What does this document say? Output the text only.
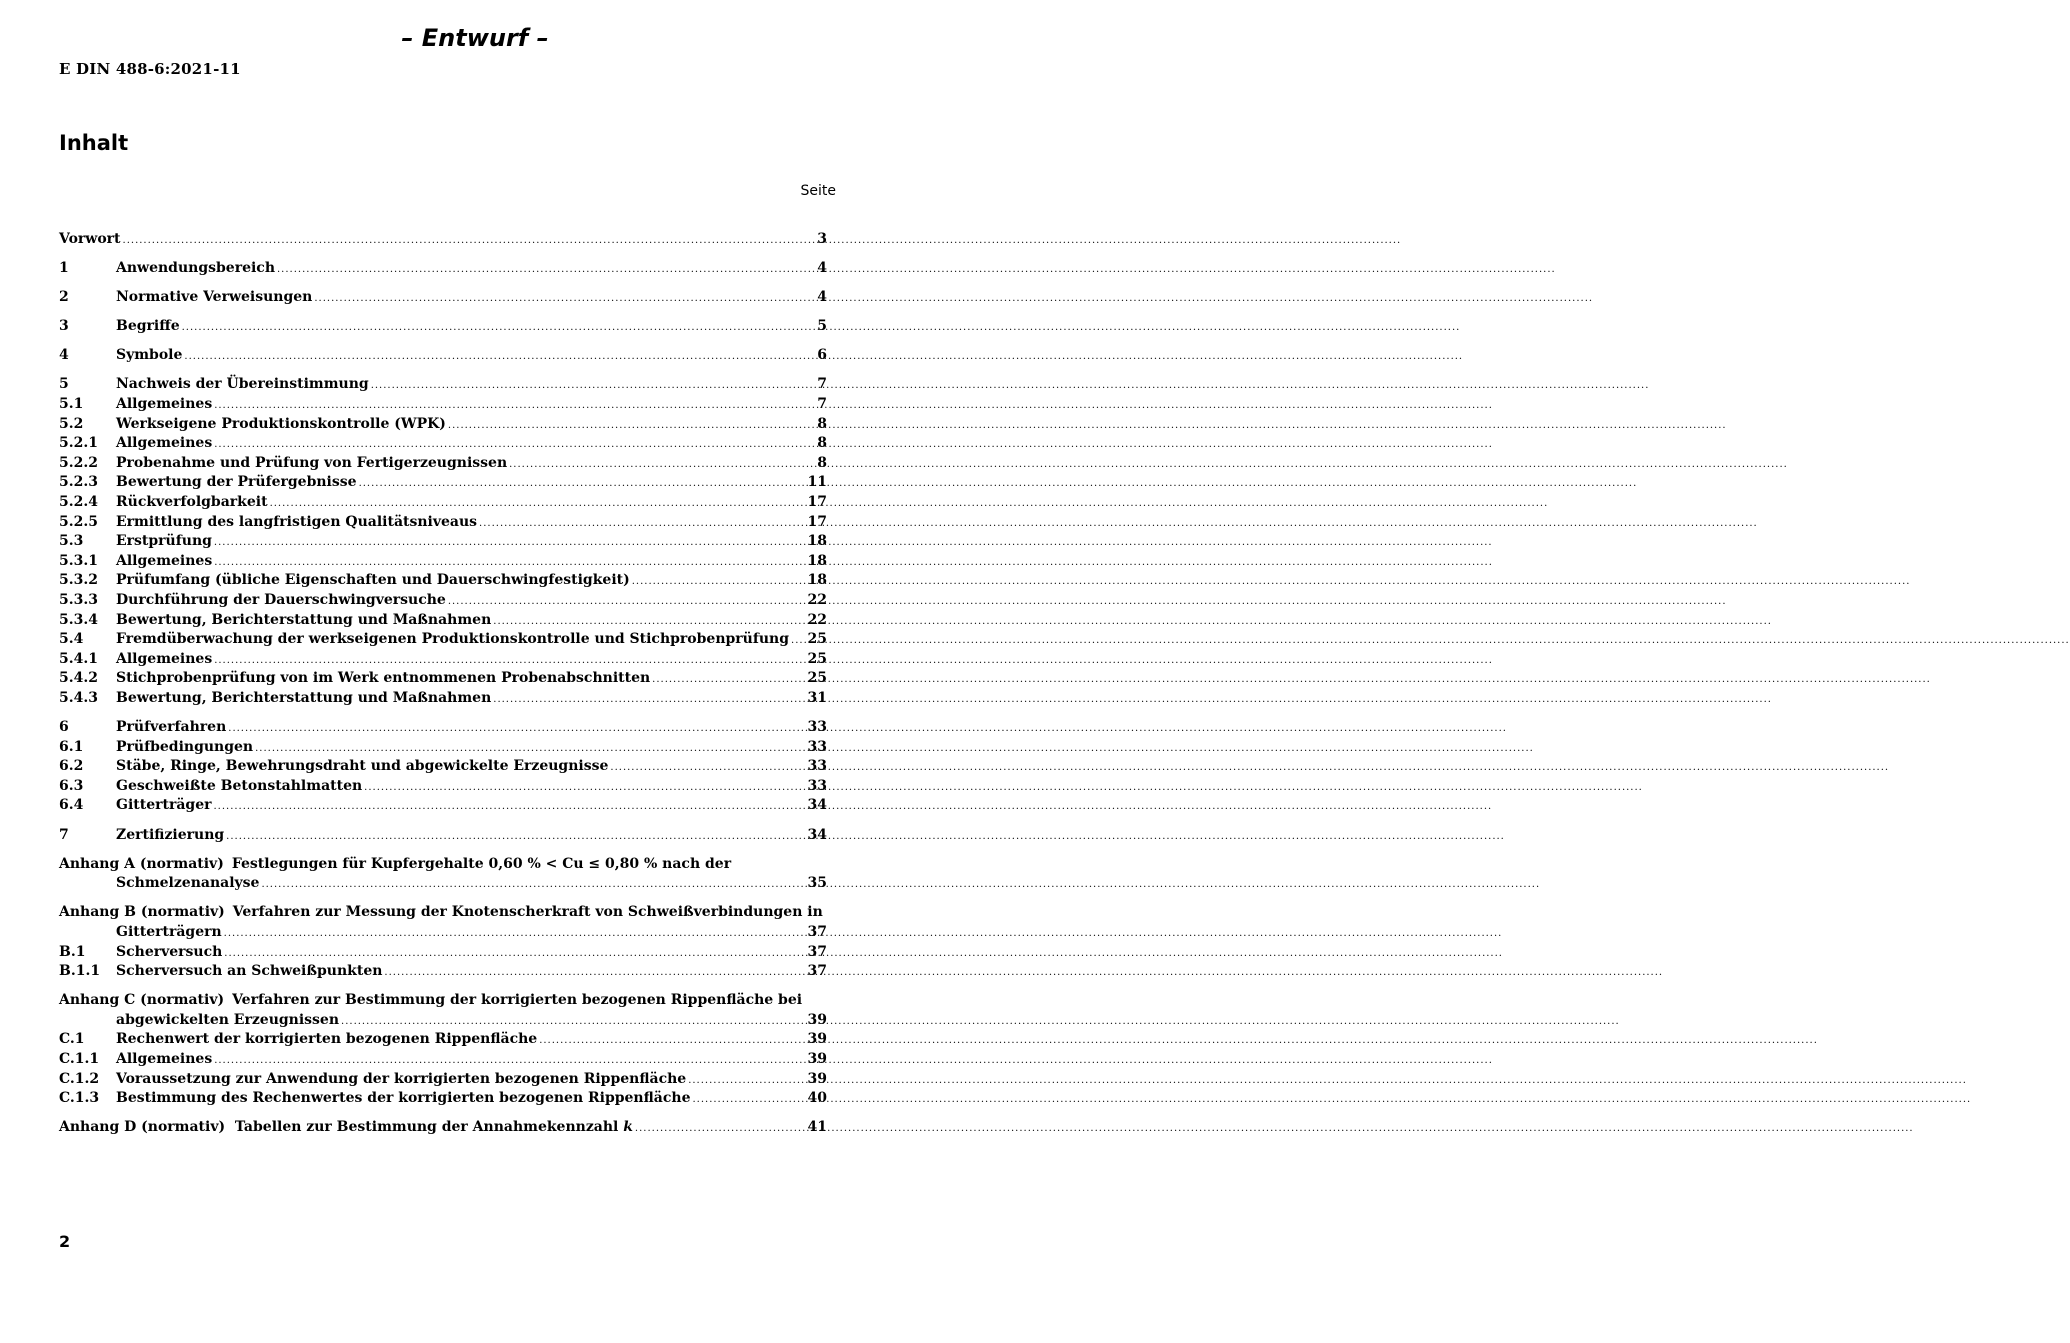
– Entwurf –
E DIN 488-6:2021-11
Inhalt
Seite
Vorwort .....	3
1	Anwendungsbereich .....	4
2	Normative Verweisungen .....	4
3	Begriffe .....	5
4	Symbole .....	6
5	Nachweis der Übereinstimmung .....	7
5.1	Allgemeines .....	7
5.2	Werkseigene Produktionskontrolle (WPK) .....	8
5.2.1	Allgemeines .....	8
5.2.2	Probenahme und Prüfung von Fertigerzeugnissen .....	8
5.2.3	Bewertung der Prüfergebnisse .....	11
5.2.4	Rückverfolgbarkeit .....	17
5.2.5	Ermittlung des langfristigen Qualitätsniveaus .....	17
5.3	Erstprüfung .....	18
5.3.1	Allgemeines .....	18
5.3.2	Prüfumfang (übliche Eigenschaften und Dauerschwingfestigkeit) .....	18
5.3.3	Durchführung der Dauerschwingversuche .....	22
5.3.4	Bewertung, Berichterstattung und Maßnahmen .....	22
5.4	Fremdüberwachung der werkseigenen Produktionskontrolle und Stichprobenprüfung ..... 25
5.4.1	Allgemeines .....	25
5.4.2	Stichprobenprüfung von im Werk entnommenen Probenabschnitten .....	25
5.4.3	Bewertung, Berichterstattung und Maßnahmen .....	31
6	Prüfverfahren .....	33
6.1	Prüfbedingungen .....	33
6.2	Stäbe, Ringe, Bewehrungsdraht und abgewickelte Erzeugnisse .....	33
6.3	Geschweißte Betonstahlmatten .....	33
6.4	Gitterträger .....	34
7	Zertifizierung .....	34
Anhang A (normativ) Festlegungen für Kupfergehalte 0,60 % < Cu ≤ 0,80 % nach der
Schmelzenanalyse .....	35
Anhang B (normativ) Verfahren zur Messung der Knotenscherkraft von Schweißverbindungen in
Gitterträgern .....	37
B.1	Scherversuch .....	37
B.1.1	Scherversuch an Schweißpunkten .....	37
Anhang C (normativ) Verfahren zur Bestimmung der korrigierten bezogenen Rippenfläche bei
abgewickelten Erzeugnissen .....	39
C.1	Rechenwert der korrigierten bezogenen Rippenfläche .....	39
C.1.1	Allgemeines .....	39
C.1.2	Voraussetzung zur Anwendung der korrigierten bezogenen Rippenfläche .....	39
C.1.3	Bestimmung des Rechenwertes der korrigierten bezogenen Rippenfläche .....	40
Anhang D (normativ) Tabellen zur Bestimmung der Annahmekennzahl k .....	41
2
